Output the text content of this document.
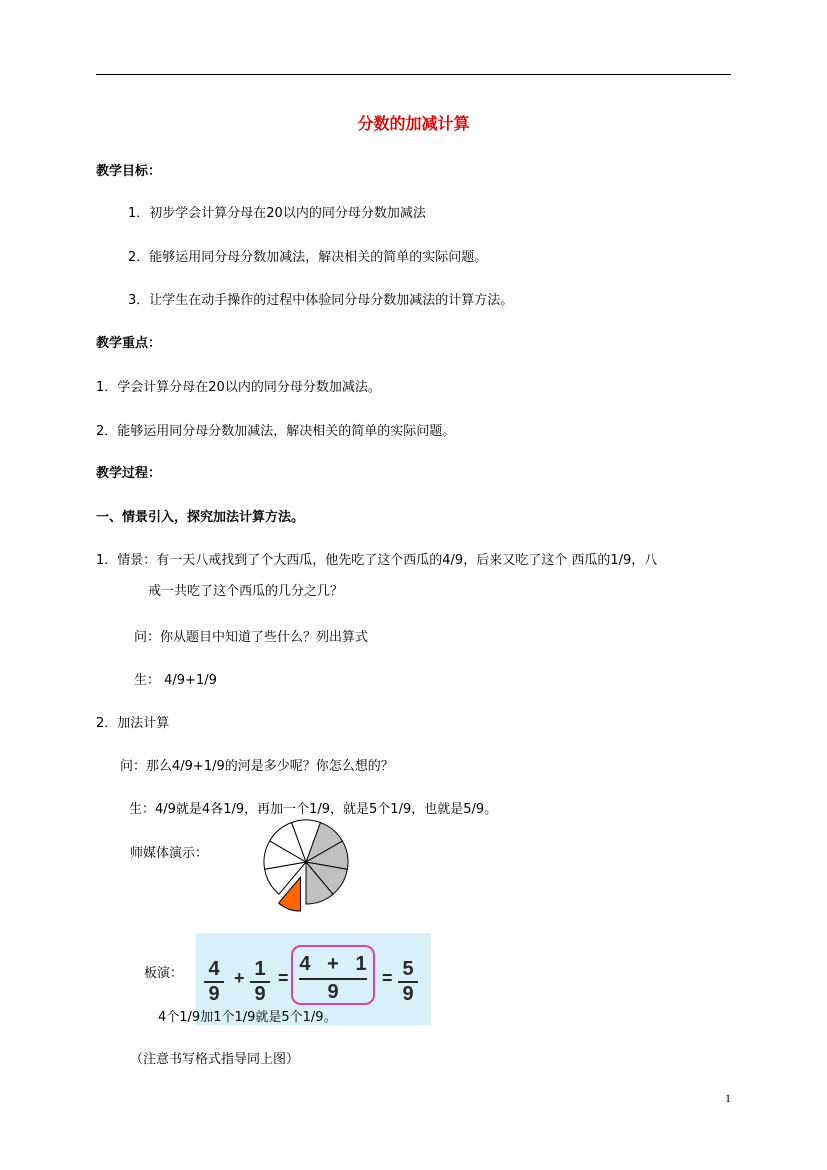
分数的加减计算
教学目标：
1．初步学会计算分母在20以内的同分母分数加减法
2．能够运用同分母分数加减法，解决相关的简单的实际问题。
3．让学生在动手操作的过程中体验同分母分数加减法的计算方法。
教学重点：
1．学会计算分母在20以内的同分母分数加减法。
2．能够运用同分母分数加减法，解决相关的简单的实际问题。
教学过程：
一、情景引入，探究加法计算方法。
1．情景：有一天八戒找到了个大西瓜，他先吃了这个西瓜的4/9，后来又吃了这个 西瓜的1/9，八
戒一共吃了这个西瓜的几分之几？
问：你从题目中知道了些什么？列出算式
生： 4/9+1/9
2．加法计算
问：那么4/9+1/9的河是多少呢？你怎么想的？
生：4/9就是4各1/9，再加一个1/9，就是5个1/9，也就是5/9。
师媒体演示：
板演：	4
9
+ 1
9
=
4   +   1
9
= 5
9
4个1/9加1个1/9就是5个1/9。
（注意书写格式指导同上图）
1
